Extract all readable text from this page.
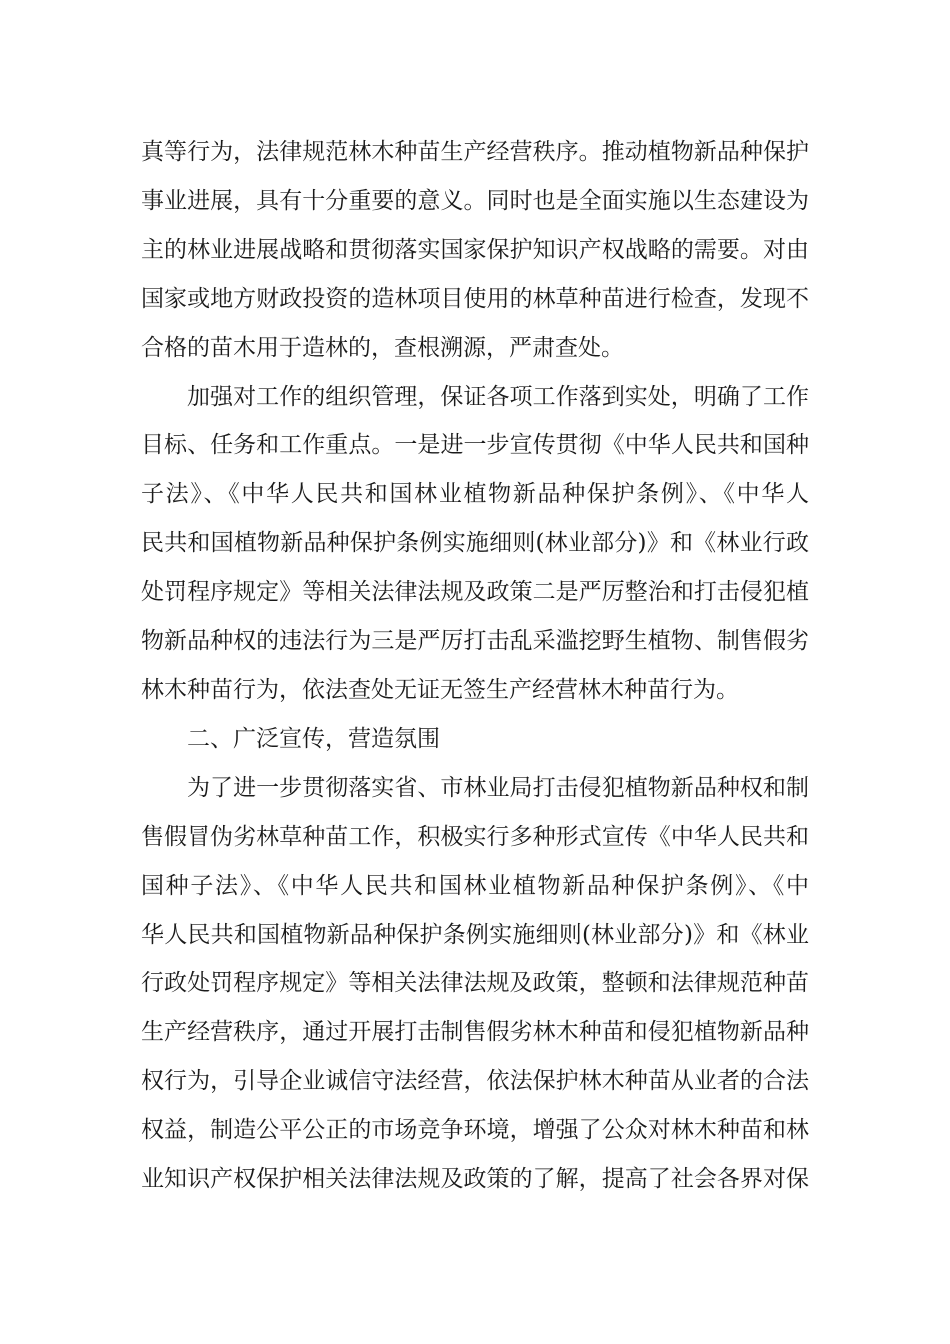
真等行为，法律规范林木种苗生产经营秩序。推动植物新品种保护
事业进展，具有十分重要的意义。同时也是全面实施以生态建设为
主的林业进展战略和贯彻落实国家保护知识产权战略的需要。对由
国家或地方财政投资的造林项目使用的林草种苗进行检查，发现不
合格的苗木用于造林的，查根溯源，严肃查处。
加强对工作的组织管理，保证各项工作落到实处，明确了工作
目标、任务和工作重点。一是进一步宣传贯彻《中华人民共和国种
子法》、《中华人民共和国林业植物新品种保护条例》、《中华人
民共和国植物新品种保护条例实施细则(林业部分)》和《林业行政
处罚程序规定》等相关法律法规及政策二是严厉整治和打击侵犯植
物新品种权的违法行为三是严厉打击乱采滥挖野生植物、制售假劣
林木种苗行为，依法查处无证无签生产经营林木种苗行为。
二、广泛宣传，营造氛围
为了进一步贯彻落实省、市林业局打击侵犯植物新品种权和制
售假冒伪劣林草种苗工作，积极实行多种形式宣传《中华人民共和
国种子法》、《中华人民共和国林业植物新品种保护条例》、《中
华人民共和国植物新品种保护条例实施细则(林业部分)》和《林业
行政处罚程序规定》等相关法律法规及政策，整顿和法律规范种苗
生产经营秩序，通过开展打击制售假劣林木种苗和侵犯植物新品种
权行为，引导企业诚信守法经营，依法保护林木种苗从业者的合法
权益，制造公平公正的市场竞争环境，增强了公众对林木种苗和林
业知识产权保护相关法律法规及政策的了解，提高了社会各界对保
